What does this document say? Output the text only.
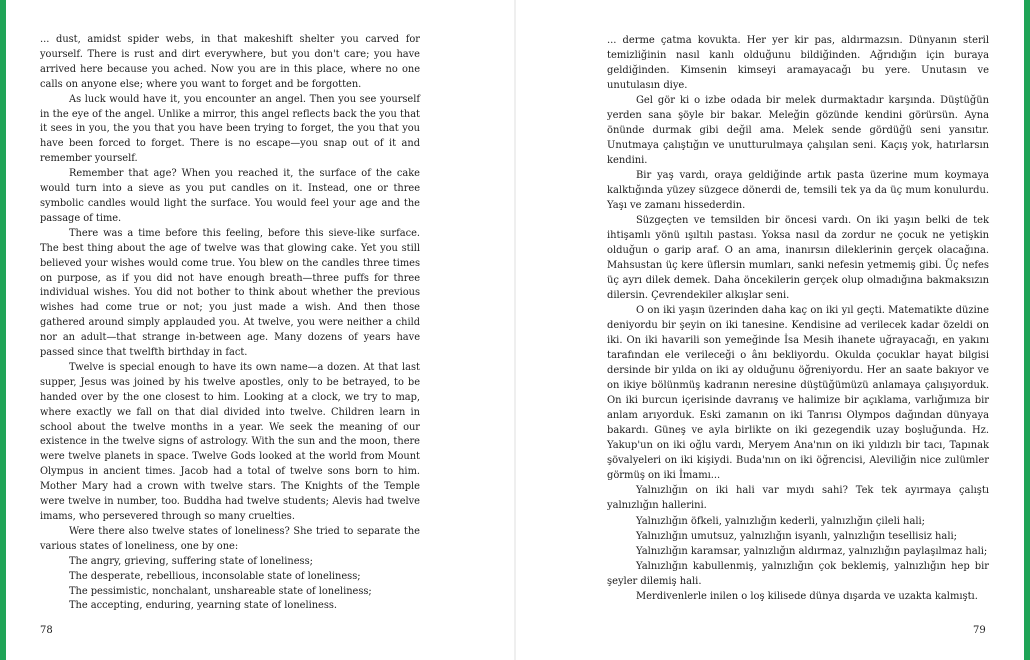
... dust, amidst spider webs, in that makeshift shelter you carved for yourself. There is rust and dirt everywhere, but you don't care; you have arrived here because you ached. Now you are in this place, where no one calls on anyone else; where you want to forget and be forgotten.

As luck would have it, you encounter an angel. Then you see yourself in the eye of the angel. Unlike a mirror, this angel reflects back the you that it sees in you, the you that you have been trying to forget, the you that you have been forced to forget. There is no escape—you snap out of it and remember yourself.

Remember that age? When you reached it, the surface of the cake would turn into a sieve as you put candles on it. Instead, one or three symbolic candles would light the surface. You would feel your age and the passage of time.

There was a time before this feeling, before this sieve-like surface. The best thing about the age of twelve was that glowing cake. Yet you still believed your wishes would come true. You blew on the candles three times on purpose, as if you did not have enough breath—three puffs for three individual wishes. You did not bother to think about whether the previous wishes had come true or not; you just made a wish. And then those gathered around simply applauded you. At twelve, you were neither a child nor an adult—that strange in-between age. Many dozens of years have passed since that twelfth birthday in fact.

Twelve is special enough to have its own name—a dozen. At that last supper, Jesus was joined by his twelve apostles, only to be betrayed, to be handed over by the one closest to him. Looking at a clock, we try to map, where exactly we fall on that dial divided into twelve. Children learn in school about the twelve months in a year. We seek the meaning of our existence in the twelve signs of astrology. With the sun and the moon, there were twelve planets in space. Twelve Gods looked at the world from Mount Olympus in ancient times. Jacob had a total of twelve sons born to him. Mother Mary had a crown with twelve stars. The Knights of the Temple were twelve in number, too. Buddha had twelve students; Alevis had twelve imams, who persevered through so many cruelties.

Were there also twelve states of loneliness? She tried to separate the various states of loneliness, one by one:

The angry, grieving, suffering state of loneliness;

The desperate, rebellious, inconsolable state of loneliness;

The pessimistic, nonchalant, unshareable state of loneliness;

The accepting, enduring, yearning state of loneliness.

... derme çatma kovukta. Her yer kir pas, aldırmazsın. Dünyanın steril temizliğinin nasıl kanlı olduğunu bildiğinden. Ağrıdığın için buraya geldiğinden. Kimsenin kimseyi aramayacağı bu yere. Unutasın ve unutulasın diye.

Gel gör ki o izbe odada bir melek durmaktadır karşında. Düştüğün yerden sana şöyle bir bakar. Meleğin gözünde kendini görürsün. Ayna önünde durmak gibi değil ama. Melek sende gördüğü seni yansıtır. Unutmaya çalıştığın ve unutturulmaya çalışılan seni. Kaçış yok, hatırlarsın kendini.

Bir yaş vardı, oraya geldiğinde artık pasta üzerine mum koymaya kalktığında yüzey süzgece dönerdi de, temsili tek ya da üç mum konulurdu. Yaşı ve zamanı hissederdin.

Süzgeçten ve temsilden bir öncesi vardı. On iki yaşın belki de tek ihtişamlı yönü ışıltılı pastası. Yoksa nasıl da zordur ne çocuk ne yetişkin olduğun o garip araf. O an ama, inanırsın dileklerinin gerçek olacağına. Mahsustan üç kere üflersin mumları, sanki nefesin yetmemiş gibi. Üç nefes üç ayrı dilek demek. Daha öncekilerin gerçek olup olmadığına bakmaksızın dilersin. Çevrendekiler alkışlar seni.

O on iki yaşın üzerinden daha kaç on iki yıl geçti. Matematikte düzine deniyordu bir şeyin on iki tanesine. Kendisine ad verilecek kadar özeldi on iki. On iki havarili son yemeğinde İsa Mesih ihanete uğrayacağı, en yakını tarafından ele verileceği o ânı bekliyordu. Okulda çocuklar hayat bilgisi dersinde bir yılda on iki ay olduğunu öğreniyordu. Her an saate bakıyor ve on ikiye bölünmüş kadranın neresine düştüğümüzü anlamaya çalışıyorduk. On iki burcun içerisinde davranış ve halimize bir açıklama, varlığımıza bir anlam arıyorduk. Eski zamanın on iki Tanrısı Olympos dağından dünyaya bakardı. Güneş ve ayla birlikte on iki gezegendik uzay boşluğunda. Hz. Yakup'un on iki oğlu vardı, Meryem Ana'nın on iki yıldızlı bir tacı, Tapınak şövalyeleri on iki kişiydi. Buda'nın on iki öğrencisi, Aleviliğin nice zulümler görmüş on iki İmamı...

Yalnızlığın on iki hali var mıydı sahi? Tek tek ayırmaya çalıştı yalnızlığın hallerini.

Yalnızlığın öfkeli, yalnızlığın kederli, yalnızlığın çileli hali;

Yalnızlığın umutsuz, yalnızlığın isyanlı, yalnızlığın tesellisiz hali;

Yalnızlığın karamsar, yalnızlığın aldırmaz, yalnızlığın paylaşılmaz hali;

Yalnızlığın kabullenmiş, yalnızlığın çok beklemiş, yalnızlığın hep bir şeyler dilemiş hali.

Merdivenlerle inilen o loş kilisede dünya dışarda ve uzakta kalmıştı.

78	79
